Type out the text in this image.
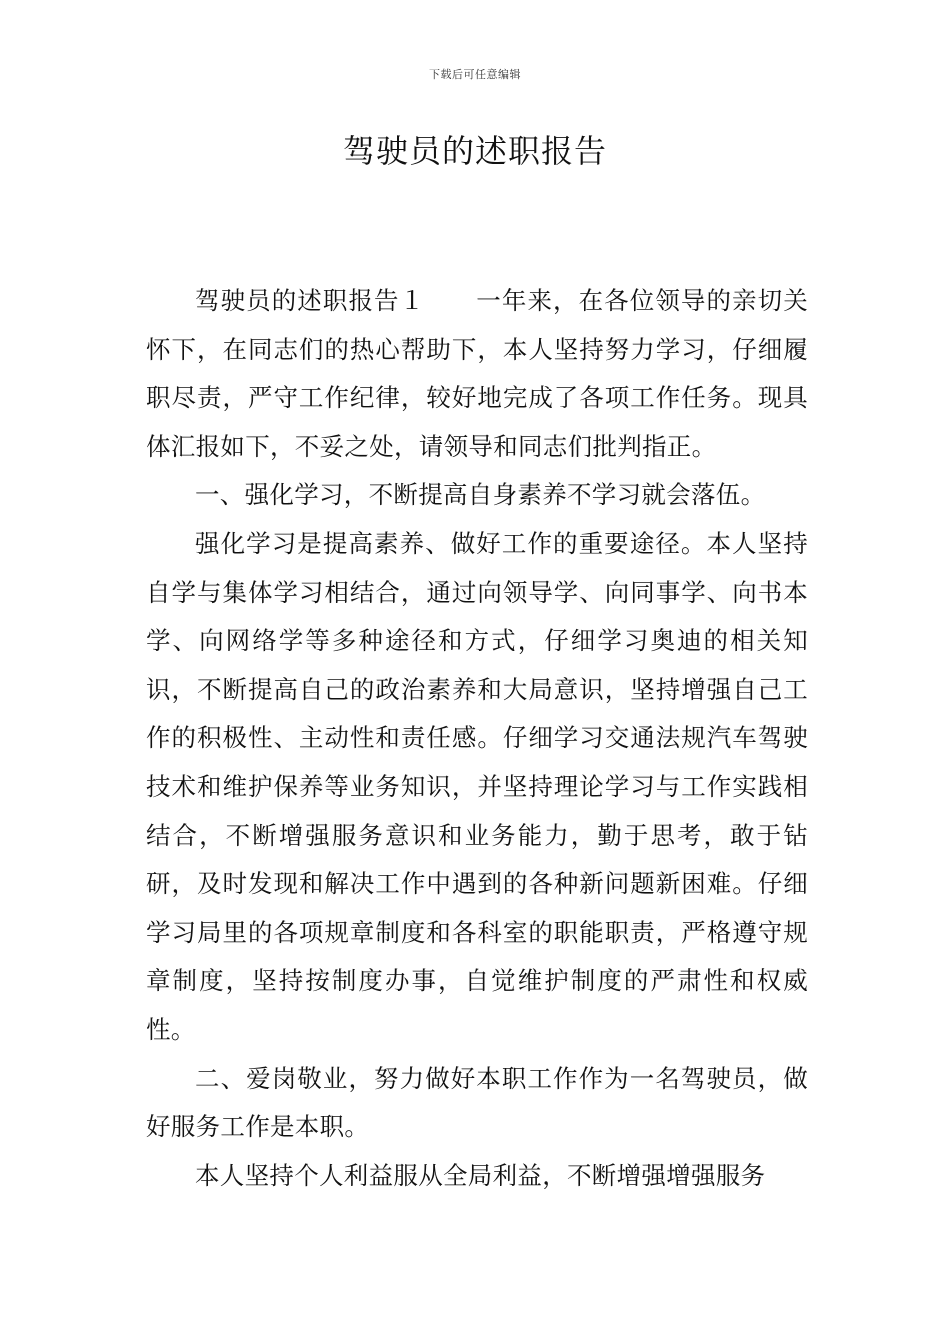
下载后可任意编辑
驾驶员的述职报告

驾驶员的述职报告１　　一年来，在各位领导的亲切关怀下，在同志们的热心帮助下，本人坚持努力学习，仔细履职尽责，严守工作纪律，较好地完成了各项工作任务。现具体汇报如下，不妥之处，请领导和同志们批判指正。

一、强化学习，不断提高自身素养不学习就会落伍。

强化学习是提高素养、做好工作的重要途径。本人坚持自学与集体学习相结合，通过向领导学、向同事学、向书本学、向网络学等多种途径和方式，仔细学习奥迪的相关知识，不断提高自己的政治素养和大局意识，坚持增强自己工作的积极性、主动性和责任感。仔细学习交通法规汽车驾驶技术和维护保养等业务知识，并坚持理论学习与工作实践相结合，不断增强服务意识和业务能力，勤于思考，敢于钻研，及时发现和解决工作中遇到的各种新问题新困难。仔细学习局里的各项规章制度和各科室的职能职责，严格遵守规章制度，坚持按制度办事，自觉维护制度的严肃性和权威性。

二、爱岗敬业，努力做好本职工作作为一名驾驶员，做好服务工作是本职。

本人坚持个人利益服从全局利益，不断增强增强服务
